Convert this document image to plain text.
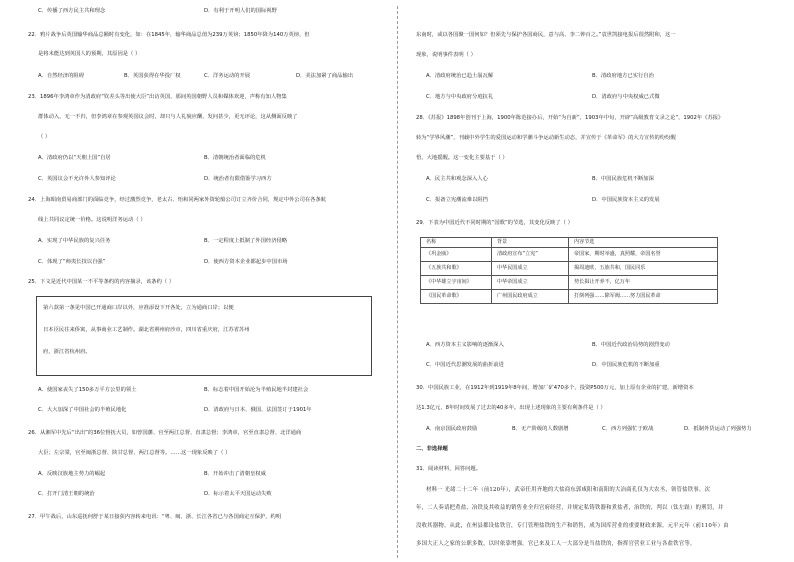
C．传播了西方民主共和理念	D．有利于开明人们的国际视野
22．鸦片战争后英国输华商品总额时有变化，如：在1845年，输华商品总值为239万英镑；1850年降为140万英镑，但
是将未能达到英国人的预期，其原因是（ ）
A．自然经济的阻碍	B．英国获得在华投厂权	C．洋务运动的开展	D．美法加紧了商品输出
23．1896年李鸿章作为清政府“钦差头等出使大臣”出访英国，那间英国朝野人员和媒体欢迎，声称有知人物集
群体动入，无一不归，但李鸿章在参观英国议会时，却只与人礼貌应酬，发问甚少，更无评论，这从侧面反映了
（ ）
A．清政府仍以“天朝上国”自居	B．清朝统治者面临的危机
C．英国议会不允许外人参知评论	D．统治者有限借鉴学习西方
24．上海昭南贸易商部门的面临竞争，经过激烈竞争，老太古、怡和同两家外资轮船公司订立齐价合同，规定中外公司在各条航
线上共同议定统一价格。这说明洋务运动（ ）
A．实现了中华民族的复兴任务	B．一定程度上抵制了外国经济侵略
C．体现了“师夷长技以自强”	D．使西方资本企业都起步中国市场
25．下文是近代中国某一不平等条约的内容摘录，该条约（ ）
第六款第一条见中国已开通商口岸以外，应准添设下开各处，立为通商口岸；以便
日本臣民往来侨寓，从事商业工艺制作。湖北省荆州府沙市，四川省重庆府，江苏省苏州
府，浙江省杭州府。
A．使国家丧失了150多万平方公里的领土	B．标志着中国开始沦为半殖民地半封建社会
C．大大加深了中国社会的半殖民地化	D．清政府与日本、俄国、法国签订于1901年
26．从湘军中先后“出出”的36位督抚大员，如曾国藩、官至两江总督、直隶总督；李鸿章，官至直隶总督、北洋通商
大臣；左宗棠，官至闽浙总督、陕甘总督、两江总督等。……这一现象反映了（ ）
A．反映汉族地主势力的崛起	B．开始冲击了清朝皇权威
C．打开门清王朝的统治	D．标示着太平天国运动失败
27．甲午战后，山东巡抚何舒于某日接获内容转来电讯：“粤、闽、浙、长江各省已与各国商定互保护，约明
东南时，或以各国聚一国何如？但须先与保护各国商民，意与高、李二钟百之。”袁世凯接电报后很然附和，这一
现象，说明事件表明（ ）
A．清政府统治已趋土崩瓦解	B．清政府地方已实行自治
C．地方与中央政府分庭抗礼	D．清政府与中央权威已式微
28．《苏报》1898年创刊于上海，1900年陈范接办后，开始“为自新”，1903年中旬，开辟“高级教育文录之论”，1902年《苏报》
转为“学界风潮”，刊载中外学生的爱国运动和学潮斗争运动新生动态，并宣传于《革命军》的大力宣传的纷纷醒
悟，大地摇醒。这一变化主要基于（ ）
A．民主共和观念深入人心	B．中国民族危机不断加深
C．报备立宪潮流难以阻挡	D．中国民族资本主义的发展
29．下表为中国近代不同时期的“国歌”的节选，其变化反映了（ ）
名称	背景	内容节选
《巩金瓯》	清政府宣布“立宪”	帝国家，期时举盛，真照耀，帝国名誉
《五族共和歌》	中华民国成立	揭周迪欧，五族共和，国民同乐
《中华雄立宇宙间》	中华帝国成立	势长揖让开养不，亿万年
《国民革命歌》	广州国民政府成立	打倒列强……除军阀……努力国民革命
A．西方资本主义影响的逐渐深入	B．中国近代政治局势的剧烈变动
C．中国近代思潮发展的曲折前进	D．中国民族危机的不断加重
30．中国民族工业，在1912年到1919年8年间，增加厂矿470多个，投资P500万元，加上原有企业的扩建，新增资本
达1.3亿元，8年时间发展了过去的40多年。出现上述现象的主要有利条件是（ ）
A．南京国民政府鼓励	B．无产阶级的人数剧增	C．西方列强忙于欧战	D．抵制外货运动了列强势力
二、非选择题
31．阅读材料，回答问题。
材料一 光绪二十二年（前120年），武帝任用齐地的大盐商东郭咸阳和南阳的大冶商孔仅为大农丞，领管盐铁事。次
年，二人奏请把煮盐、冶铁及其收益的销售业全归官府经营，并规定私铸铁器和煮盐者，治铁的，判以（钛左趾）的刑罚，并
没收其器物。从此，在州县都设盐铁官，专门管理盐铁的生产和销售，成为国库营业的重要财政来源。元平元年（前110年）由
多国大正人之家的公职多数，以时依靠增强。官已来及工人一大部分是当盐铁的，指挥官营业工业与各盐铁官等。
